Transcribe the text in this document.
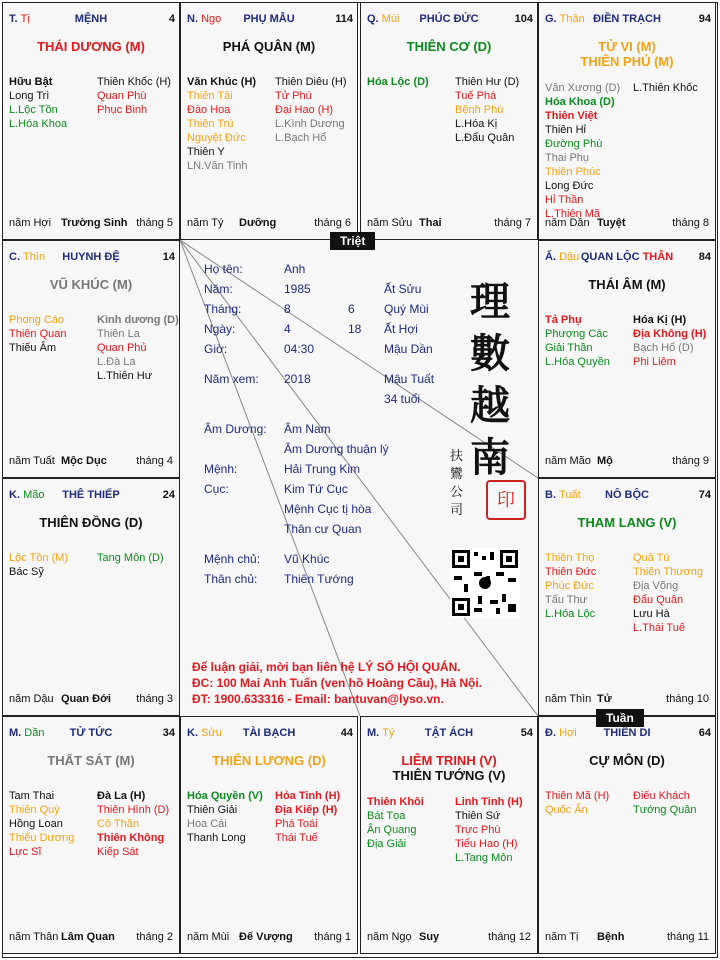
T. Tị	MỆNH	4
THÁI DƯƠNG (M)
Hữu Bật
Long Trì
L.Lộc Tồn
L.Hóa Khoa
Thiên Khốc (H)
Quan Phù
Phục Binh
năm Hợi Trường Sinh tháng 5
N. Ngọ	PHỤ MẪU	114
PHÁ QUÂN (M)
Văn Khúc (H)
Thiên Tài
Đào Hoa
Thiên Trù
Nguyệt Đức
Thiên Y
LN.Văn Tinh
Thiên Diêu (H)
Tử Phù
Đại Hao (H)
L.Kình Dương
L.Bạch Hổ
năm Tý Dưỡng	tháng 6
Q. Mùi	PHÚC ĐỨC	104
THIÊN CƠ (D)
Hóa Lộc (D) Thiên Hư (D)
Tuế Phá
Bệnh Phù
L.Hóa Kị
L.Đẩu Quân
năm Sửu Thai	tháng 7
G. Thân ĐIỀN TRẠCH	94
TỬ VI (M)
THIÊN PHỦ (M)
Văn Xương (D)
Hóa Khoa (D)
Thiên Việt
Thiên Hỉ
Đường Phù
Thai Phụ
Thiên Phúc
Long Đức
Hỉ Thần
L.Thiên Mã
L.Thiên Khốc
năm Dần Tuyệt	tháng 8
C. Thìn	HUYNH ĐỆ	14
VŨ KHÚC (M)
Phong Cáo
Thiên Quan
Thiếu Âm
Kình dương (D)
Thiên La
Quan Phủ
L.Đà La
L.Thiên Hư
năm Tuất Mộc Dục	tháng 4
Ấ. Dậu QUAN LỘC THÂN	84
THÁI ÂM (M)
Tả Phụ
Phượng Các
Giải Thần
L.Hóa Quyền
Hóa Kị (H)
Địa Không (H)
Bạch Hổ (D)
Phi Liêm
năm Mão Mộ	tháng 9
K. Mão	THÊ THIẾP	24
THIÊN ĐỒNG (D)
Lộc Tồn (M)
Bác Sỹ
Tang Môn (D)
năm Dậu Quan Đới tháng 3
B. Tuất	NÔ BỘC	74
THAM LANG (V)
Thiên Thọ
Thiên Đức
Phúc Đức
Tấu Thư
L.Hóa Lộc
Quả Tú
Thiên Thương
Địa Võng
Đẩu Quân
Lưu Hà
L.Thái Tuế
năm Thìn Tử	tháng 10
M. Dần	TỬ TỨC	34
THẤT SÁT (M)
Tam Thai
Thiên Quý
Hồng Loan
Thiếu Dương
Lực Sĩ
Đà La (H)
Thiên Hình (D)
Cô Thần
Thiên Không
Kiếp Sát
năm Thân Lâm Quan tháng 2
K. Sửu	TÀI BẠCH	44
THIÊN LƯƠNG (D)
Hóa Quyền (V)
Thiên Giải
Hoa Cái
Thanh Long
Hỏa Tinh (H)
Địa Kiếp (H)
Phá Toái
Thái Tuế
năm Mùi Đế Vượng tháng 1
M. Tý	TẬT ÁCH	54
LIÊM TRINH (V)
THIÊN TƯỚNG (V)
Thiên Khôi
Bát Tọa
Ân Quang
Địa Giải
Linh Tinh (H)
Thiên Sứ
Trực Phù
Tiểu Hao (H)
L.Tang Môn
năm Ngọ Suy	tháng 12
Đ. Hợi	THIÊN DI	64
CỰ MÔN (D)
Thiên Mã (H)
Quốc Ấn
Điếu Khách
Tướng Quân
năm Tị Bệnh	tháng 11
Họ tên:	Anh
Năm:	1985	Ất Sửu
Tháng:	8	6 Quý Mùi
Ngày:	4	18 Ất Hợi
Giờ:	04:30	Mậu Dần
Năm xem: 2018	Mậu Tuất
34 tuổi
Âm Dương: Âm Nam
Âm Dương thuận lý
Mệnh:	Hải Trung Kim
Cục:	Kim Tứ Cục
Mệnh Cục tị hòa
Thân cư Quan
Mệnh chủ: Vũ Khúc
Thân chủ: Thiên Tướng
理
數
越
南
扶 鸞 公 司
印
Để luận giải, mời bạn liên hệ LÝ SỐ HỘI QUÁN.
ĐC: 100 Mai Anh Tuấn (ven hồ Hoàng Cầu), Hà Nội.
ĐT: 1900.633316 - Email: bantuvan@lyso.vn.
Triệt
Tuần
